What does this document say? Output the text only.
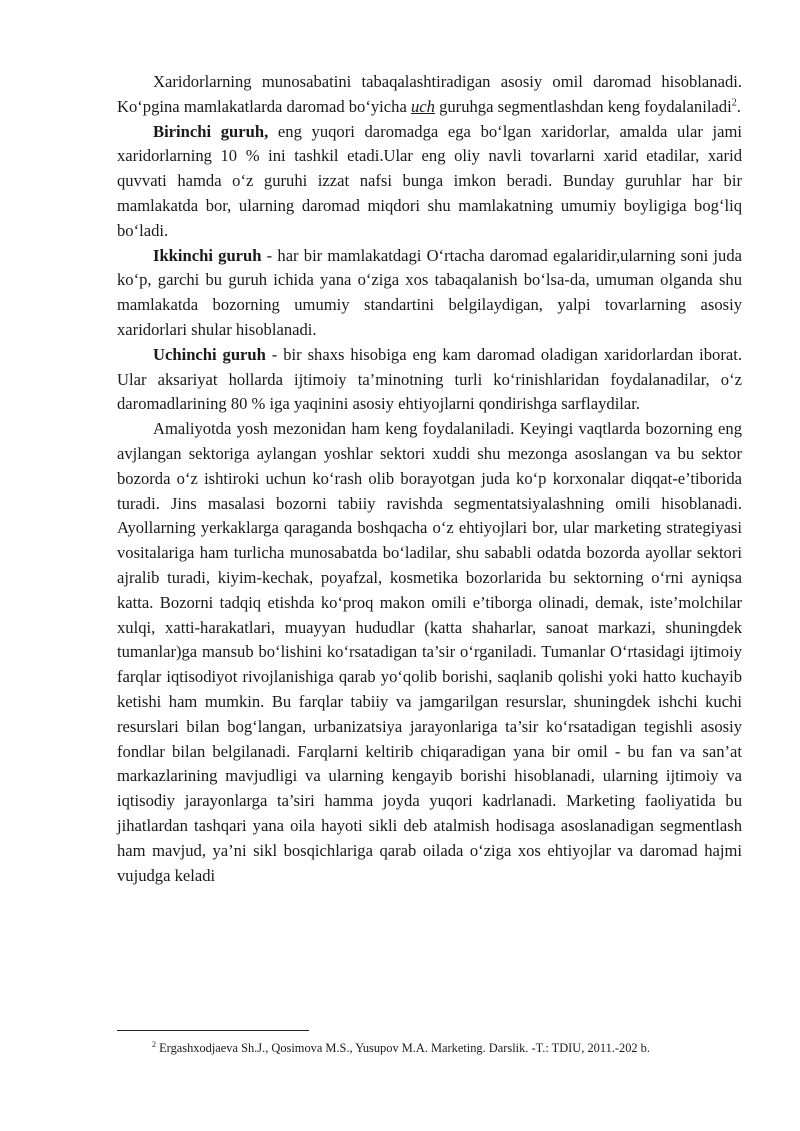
Xaridorlarning munosabatini tabaqalashtiradigan asosiy omil daromad hisoblanadi. Ko‘pgina mamlakatlarda daromad bo‘yicha uch guruhga segmentlashdan keng foydalaniladi$^2$.

Birinchi guruh, eng yuqori daromadga ega bo‘lgan xaridorlar, amalda ular jami xaridorlarning 10 % ini tashkil etadi.Ular eng oliy navli tovarlarni xarid etadilar, xarid quvvati hamda o‘z guruhi izzat nafsi bunga imkon beradi. Bunday guruhlar har bir mamlakatda bor, ularning daromad miqdori shu mamlakatning umumiy boyligiga bog‘liq bo‘ladi.

Ikkinchi guruh - har bir mamlakatdagi O‘rtacha daromad egalaridir,ularning soni juda ko‘p, garchi bu guruh ichida yana o‘ziga xos tabaqalanish bo‘lsa-da, umuman olganda shu mamlakatda bozorning umumiy standartini belgilaydigan, yalpi tovarlarning asosiy xaridorlari shular hisoblanadi.

Uchinchi guruh - bir shaxs hisobiga eng kam daromad oladigan xaridorlardan iborat. Ular aksariyat hollarda ijtimoiy ta’minotning turli ko‘rinishlaridan foydalanadilar, o‘z daromadlarining 80 % iga yaqinini asosiy ehtiyojlarni qondirishga sarflaydilar.

Amaliyotda yosh mezonidan ham keng foydalaniladi. Keyingi vaqtlarda bozorning eng avjlangan sektoriga aylangan yoshlar sektori xuddi shu mezonga asoslangan va bu sektor bozorda o‘z ishtiroki uchun ko‘rash olib borayotgan juda ko‘p korxonalar diqqat-e’tiborida turadi. Jins masalasi bozorni tabiiy ravishda segmentatsiyalashning omili hisoblanadi. Ayollarning yerkaklarga qaraganda boshqacha o‘z ehtiyojlari bor, ular marketing strategiyasi vositalariga ham turlicha munosabatda bo‘ladilar, shu sababli odatda bozorda ayollar sektori ajralib turadi, kiyim-kechak, poyafzal, kosmetika bozorlarida bu sektorning o‘rni ayniqsa katta. Bozorni tadqiq etishda ko‘proq makon omili e’tiborga olinadi, demak, iste’molchilar xulqi, xatti-harakatlari, muayyan hududlar (katta shaharlar, sanoat markazi, shuningdek tumanlar)ga mansub bo‘lishini ko‘rsatadigan ta’sir o‘rganiladi. Tumanlar O‘rtasidagi ijtimoiy farqlar iqtisodiyot rivojlanishiga qarab yo‘qolib borishi, saqlanib qolishi yoki hatto kuchayib ketishi ham mumkin. Bu farqlar tabiiy va jamgarilgan resurslar, shuningdek ishchi kuchi resurslari bilan bog‘langan, urbanizatsiya jarayonlariga ta’sir ko‘rsatadigan tegishli asosiy fondlar bilan belgilanadi. Farqlarni keltirib chiqaradigan yana bir omil - bu fan va san’at markazlarining mavjudligi va ularning kengayib borishi hisoblanadi, ularning ijtimoiy va iqtisodiy jarayonlarga ta’siri hamma joyda yuqori kadrlanadi. Marketing faoliyatida bu jihatlardan tashqari yana oila hayoti sikli deb atalmish hodisaga asoslanadigan segmentlash ham mavjud, ya’ni sikl bosqichlariga qarab oilada o‘ziga xos ehtiyojlar va daromad hajmi vujudga keladi

$^2$ Ergashxodjaeva Sh.J., Qosimova M.S., Yusupov M.A. Marketing. Darslik. -T.: TDIU, 2011.-202 b.
